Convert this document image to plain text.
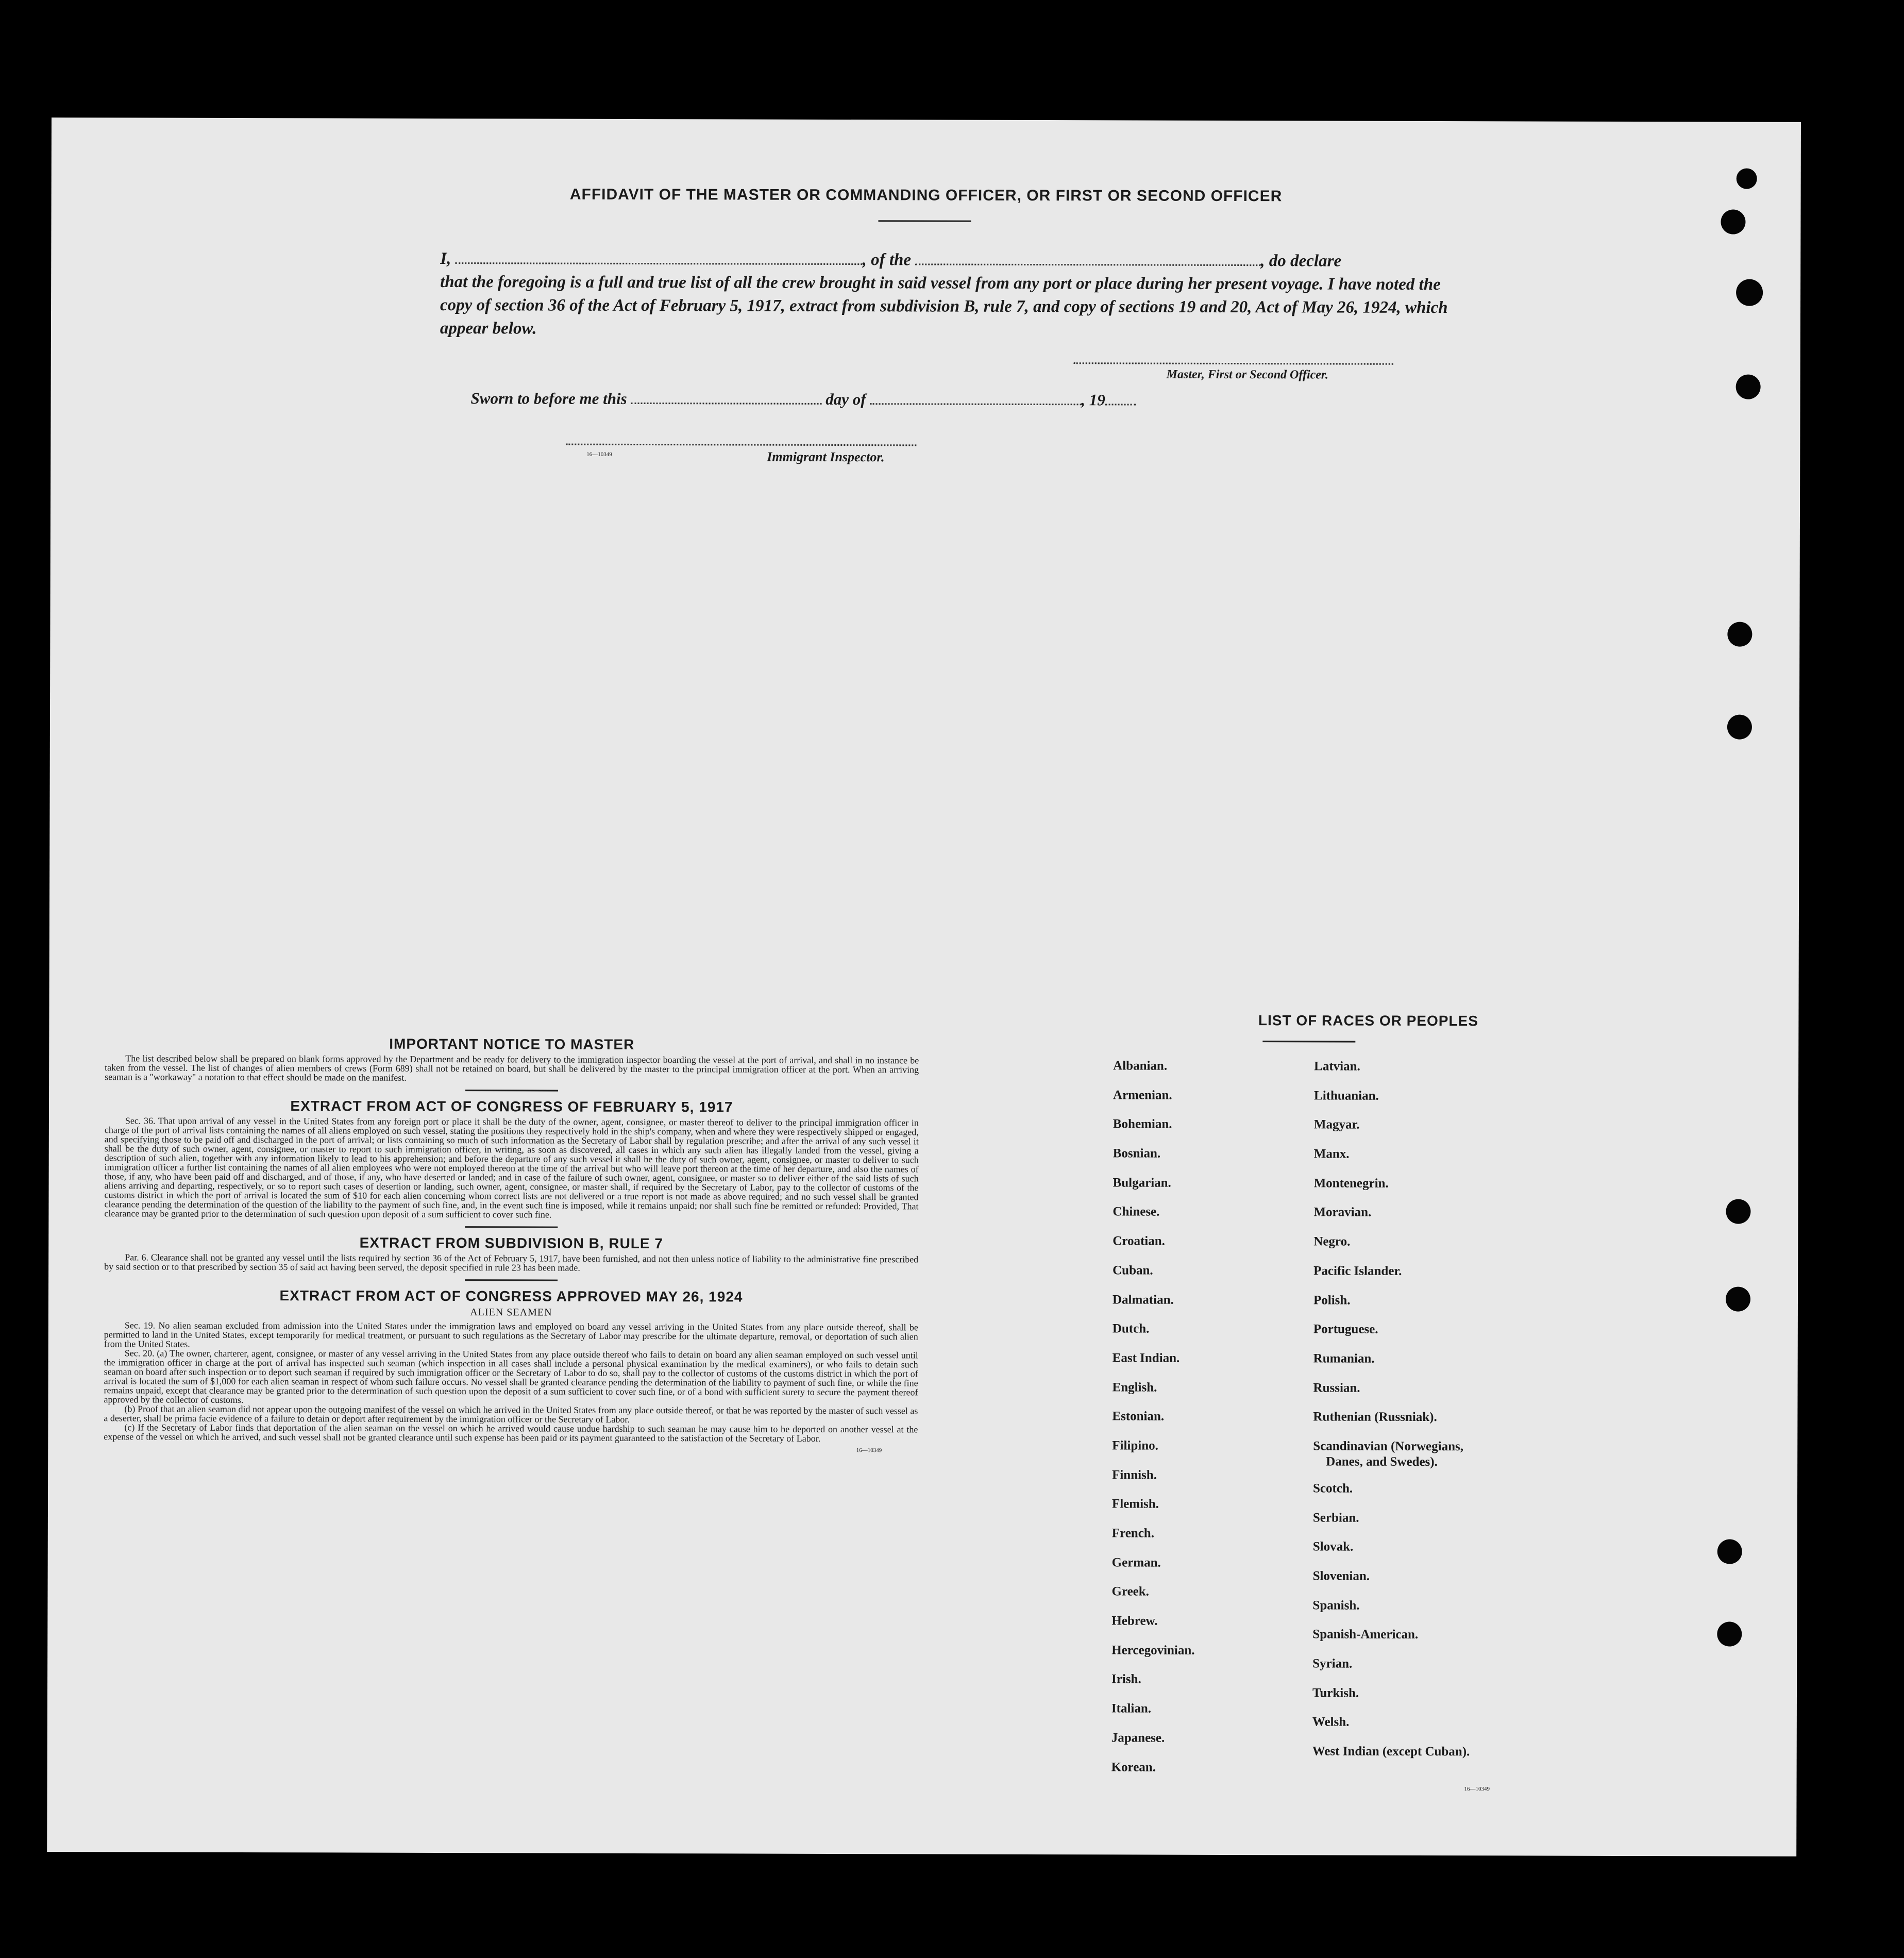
AFFIDAVIT OF THE MASTER OR COMMANDING OFFICER, OR FIRST OR SECOND OFFICER
I,	, of the	, do declare
that the foregoing is a full and true list of all the crew brought in said vessel from any port or place during her present voyage. I have noted the copy of section 36 of the Act of February 5, 1917, extract from subdivision B, rule 7, and copy of sections 19 and 20, Act of May 26, 1924, which appear below.
Master, First or Second Officer.
Sworn to before me this	day of	, 19
16—10349	Immigrant Inspector.
IMPORTANT NOTICE TO MASTER

The list described below shall be prepared on blank forms approved by the Department and be ready for delivery to the immigration inspector boarding the vessel at the port of arrival, and shall in no instance be taken from the vessel. The list of changes of alien members of crews (Form 689) shall not be retained on board, but shall be delivered by the master to the principal immigration officer at the port. When an arriving seaman is a "workaway" a notation to that effect should be made on the manifest.

EXTRACT FROM ACT OF CONGRESS OF FEBRUARY 5, 1917

Sec. 36. That upon arrival of any vessel in the United States from any foreign port or place it shall be the duty of the owner, agent, consignee, or master thereof to deliver to the principal immigration officer in charge of the port of arrival lists containing the names of all aliens employed on such vessel, stating the positions they respectively hold in the ship's company, when and where they were respectively shipped or engaged, and specifying those to be paid off and discharged in the port of arrival; or lists containing so much of such information as the Secretary of Labor shall by regulation prescribe; and after the arrival of any such vessel it shall be the duty of such owner, agent, consignee, or master to report to such immigration officer, in writing, as soon as discovered, all cases in which any such alien has illegally landed from the vessel, giving a description of such alien, together with any information likely to lead to his apprehension; and before the departure of any such vessel it shall be the duty of such owner, agent, consignee, or master to deliver to such immigration officer a further list containing the names of all alien employees who were not employed thereon at the time of the arrival but who will leave port thereon at the time of her departure, and also the names of those, if any, who have been paid off and discharged, and of those, if any, who have deserted or landed; and in case of the failure of such owner, agent, consignee, or master so to deliver either of the said lists of such aliens arriving and departing, respectively, or so to report such cases of desertion or landing, such owner, agent, consignee, or master shall, if required by the Secretary of Labor, pay to the collector of customs of the customs district in which the port of arrival is located the sum of $10 for each alien concerning whom correct lists are not delivered or a true report is not made as above required; and no such vessel shall be granted clearance pending the determination of the question of the liability to the payment of such fine, and, in the event such fine is imposed, while it remains unpaid; nor shall such fine be remitted or refunded: Provided, That clearance may be granted prior to the determination of such question upon deposit of a sum sufficient to cover such fine.

EXTRACT FROM SUBDIVISION B, RULE 7

Par. 6. Clearance shall not be granted any vessel until the lists required by section 36 of the Act of February 5, 1917, have been furnished, and not then unless notice of liability to the administrative fine prescribed by said section or to that prescribed by section 35 of said act having been served, the deposit specified in rule 23 has been made.

EXTRACT FROM ACT OF CONGRESS APPROVED MAY 26, 1924
ALIEN SEAMEN

Sec. 19. No alien seaman excluded from admission into the United States under the immigration laws and employed on board any vessel arriving in the United States from any place outside thereof, shall be permitted to land in the United States, except temporarily for medical treatment, or pursuant to such regulations as the Secretary of Labor may prescribe for the ultimate departure, removal, or deportation of such alien from the United States.

Sec. 20. (a) The owner, charterer, agent, consignee, or master of any vessel arriving in the United States from any place outside thereof who fails to detain on board any alien seaman employed on such vessel until the immigration officer in charge at the port of arrival has inspected such seaman (which inspection in all cases shall include a personal physical examination by the medical examiners), or who fails to detain such seaman on board after such inspection or to deport such seaman if required by such immigration officer or the Secretary of Labor to do so, shall pay to the collector of customs of the customs district in which the port of arrival is located the sum of $1,000 for each alien seaman in respect of whom such failure occurs. No vessel shall be granted clearance pending the determination of the liability to payment of such fine, or while the fine remains unpaid, except that clearance may be granted prior to the determination of such question upon the deposit of a sum sufficient to cover such fine, or of a bond with sufficient surety to secure the payment thereof approved by the collector of customs.

(b) Proof that an alien seaman did not appear upon the outgoing manifest of the vessel on which he arrived in the United States from any place outside thereof, or that he was reported by the master of such vessel as a deserter, shall be prima facie evidence of a failure to detain or deport after requirement by the immigration officer or the Secretary of Labor.

(c) If the Secretary of Labor finds that deportation of the alien seaman on the vessel on which he arrived would cause undue hardship to such seaman he may cause him to be deported on another vessel at the expense of the vessel on which he arrived, and such vessel shall not be granted clearance until such expense has been paid or its payment guaranteed to the satisfaction of the Secretary of Labor.

16—10349
LIST OF RACES OR PEOPLES
Albanian.
Armenian.
Bohemian.
Bosnian.
Bulgarian.
Chinese.
Croatian.
Cuban.
Dalmatian.
Dutch.
East Indian.
English.
Estonian.
Filipino.
Finnish.
Flemish.
French.
German.
Greek.
Hebrew.
Hercegovinian.
Irish.
Italian.
Japanese.
Korean.
Latvian.
Lithuanian.
Magyar.
Manx.
Montenegrin.
Moravian.
Negro.
Pacific Islander.
Polish.
Portuguese.
Rumanian.
Russian.
Ruthenian (Russniak).
Scandinavian (Norwegians,
Danes, and Swedes).
Scotch.
Serbian.
Slovak.
Slovenian.
Spanish.
Spanish-American.
Syrian.
Turkish.
Welsh.
West Indian (except Cuban).
16—10349
